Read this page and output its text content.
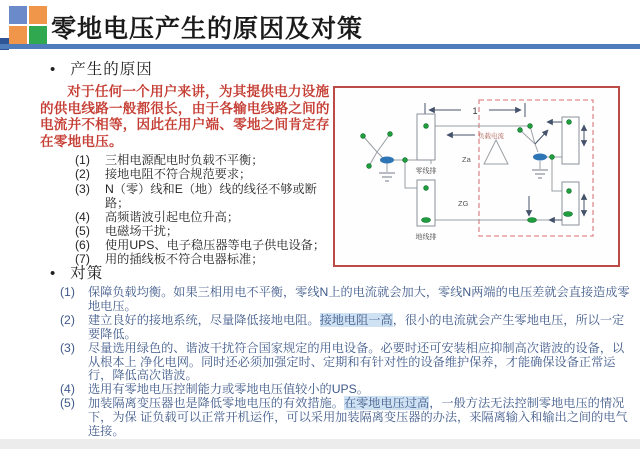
零地电压产生的原因及对策
• 产生的原因

对于任何一个用户来讲，为其提供电力设施的供电线路一般都很长，由于各输电线路之间的电流并不相等，因此在用户端、零地之间肯定存在零地电压。

(1)	三相电源配电时负载不平衡；
(2)	接地电阻不符合规范要求；
(3)	N（零）线和E（地）线的线径不够或断路；
(4)	高频谐波引起电位升高；
(5)	电磁场干扰；
(6)	使用UPS、电子稳压器等电子供电设备；
(7)	用的插线板不符合电器标准；
1
零线排
地线排
Za
ZG
负载电流
• 对策
(1)	保障负载均衡。如果三相用电不平衡，零线N上的电流就会加大，零线N两端的电压差就会直接造成零地电压。
(2)	建立良好的接地系统，尽量降低接地电阻。接地电阻一高，很小的电流就会产生零地电压，所以一定要降低。
(3)	尽量选用绿色的、谐波干扰符合国家规定的用电设备。必要时还可安装相应抑制高次谐波的设备，以从根本上 净化电网。同时还必须加强定时、定期和有针对性的设备维护保养，才能确保设备正常运行，降低高次谐波。
(4)	选用有零地电压控制能力或零地电压值较小的UPS。
(5)	加装隔离变压器也是降低零地电压的有效措施。在零地电压过高，一般方法无法控制零地电压的情况下，为保 证负载可以正常开机运作，可以采用加装隔离变压器的办法，来隔离输入和输出之间的电气连接。
